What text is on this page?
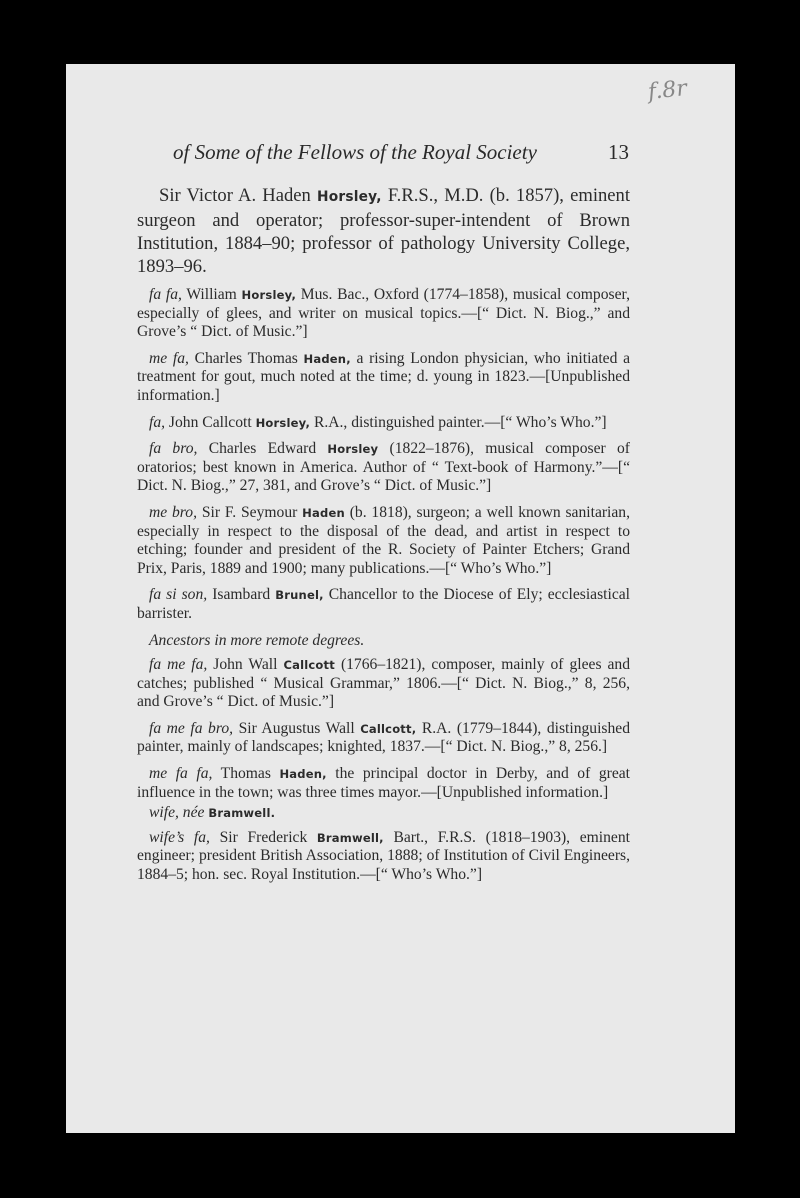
f.8r
of Some of the Fellows of the Royal Society	13

Sir Victor A. Haden Horsley, F.R.S., M.D. (b. 1857), eminent surgeon and operator; professor-super-intendent of Brown Institution, 1884–90; professor of pathology University College, 1893–96.

fa fa, William Horsley, Mus. Bac., Oxford (1774–1858), musical composer, especially of glees, and writer on musical topics.—[“ Dict. N. Biog.,” and Grove’s “ Dict. of Music.”]

me fa, Charles Thomas Haden, a rising London physician, who initiated a treatment for gout, much noted at the time; d. young in 1823.—[Unpublished information.]

fa, John Callcott Horsley, R.A., distinguished painter.—[“ Who’s Who.”]

fa bro, Charles Edward Horsley (1822–1876), musical composer of oratorios; best known in America. Author of “ Text-book of Harmony.”—[“ Dict. N. Biog.,” 27, 381, and Grove’s “ Dict. of Music.”]

me bro, Sir F. Seymour Haden (b. 1818), surgeon; a well known sanitarian, especially in respect to the disposal of the dead, and artist in respect to etching; founder and president of the R. Society of Painter Etchers; Grand Prix, Paris, 1889 and 1900; many publications.—[“ Who’s Who.”]

fa si son, Isambard Brunel, Chancellor to the Diocese of Ely; ecclesiastical barrister.

Ancestors in more remote degrees.

fa me fa, John Wall Callcott (1766–1821), composer, mainly of glees and catches; published “ Musical Grammar,” 1806.—[“ Dict. N. Biog.,” 8, 256, and Grove’s “ Dict. of Music.”]

fa me fa bro, Sir Augustus Wall Callcott, R.A. (1779–1844), distinguished painter, mainly of landscapes; knighted, 1837.—[“ Dict. N. Biog.,” 8, 256.]

me fa fa, Thomas Haden, the principal doctor in Derby, and of great influence in the town; was three times mayor.—[Unpublished information.]

wife, née Bramwell.

wife’s fa, Sir Frederick Bramwell, Bart., F.R.S. (1818–1903), eminent engineer; president British Association, 1888; of Institution of Civil Engineers, 1884–5; hon. sec. Royal Institution.—[“ Who’s Who.”]
